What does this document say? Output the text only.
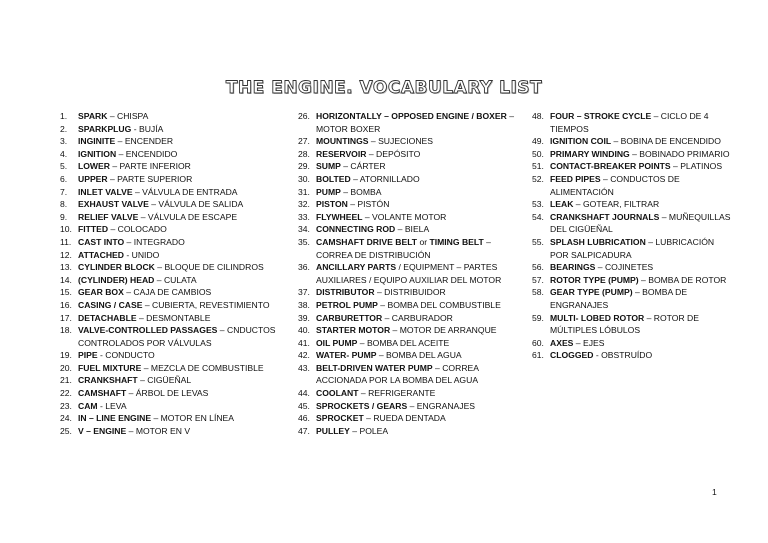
THE ENGINE. VOCABULARY LIST
1.	SPARK – CHISPA
2.	SPARKPLUG - BUJÍA
3.	INGINITE – ENCENDER
4.	IGNITION – ENCENDIDO
5.	LOWER – PARTE INFERIOR
6.	UPPER – PARTE SUPERIOR
7.	INLET VALVE – VÁLVULA DE ENTRADA
8.	EXHAUST VALVE – VÁLVULA DE SALIDA
9.	RELIEF VALVE – VÁLVULA DE ESCAPE
10. FITTED – COLOCADO
11. CAST INTO – INTEGRADO
12. ATTACHED - UNIDO
13. CYLINDER BLOCK – BLOQUE DE CILINDROS
14. (CYLINDER) HEAD – CULATA
15. GEAR BOX – CAJA DE CAMBIOS
16. CASING / CASE – CUBIERTA, REVESTIMIENTO
17. DETACHABLE – DESMONTABLE
18. VALVE-CONTROLLED PASSAGES – CNDUCTOS CONTROLADOS POR VÁLVULAS
19. PIPE - CONDUCTO
20. FUEL MIXTURE – MEZCLA DE COMBUSTIBLE
21. CRANKSHAFT – CIGÜEÑAL
22. CAMSHAFT – ÁRBOL DE LEVAS
23. CAM - LEVA
24. IN – LINE ENGINE – MOTOR EN LÍNEA
25. V – ENGINE – MOTOR EN V
26. HORIZONTALLY – OPPOSED ENGINE / BOXER – MOTOR BOXER
27. MOUNTINGS – SUJECIONES
28. RESERVOIR – DEPÓSITO
29. SUMP – CÁRTER
30. BOLTED – ATORNILLADO
31. PUMP – BOMBA
32. PISTON – PISTÓN
33. FLYWHEEL – VOLANTE MOTOR
34. CONNECTING ROD – BIELA
35. CAMSHAFT DRIVE BELT or TIMING BELT – CORREA DE DISTRIBUCIÓN
36. ANCILLARY PARTS / EQUIPMENT – PARTES AUXILIARES / EQUIPO AUXILIAR DEL MOTOR
37. DISTRIBUTOR – DISTRIBUIDOR
38. PETROL PUMP – BOMBA DEL COMBUSTIBLE
39. CARBURETTOR – CARBURADOR
40. STARTER MOTOR – MOTOR DE ARRANQUE
41. OIL PUMP – BOMBA DEL ACEITE
42. WATER- PUMP – BOMBA DEL AGUA
43. BELT-DRIVEN WATER PUMP – CORREA ACCIONADA POR LA BOMBA DEL AGUA
44. COOLANT – REFRIGERANTE
45. SPROCKETS / GEARS – ENGRANAJES
46. SPROCKET – RUEDA DENTADA
47. PULLEY – POLEA
48. FOUR – STROKE CYCLE – CICLO DE 4 TIEMPOS
49. IGNITION COIL – BOBINA DE ENCENDIDO
50. PRIMARY WINDING – BOBINADO PRIMARIO
51. CONTACT-BREAKER POINTS – PLATINOS
52. FEED PIPES – CONDUCTOS DE ALIMENTACIÓN
53. LEAK – GOTEAR, FILTRAR
54. CRANKSHAFT JOURNALS – MUÑEQUILLAS DEL CIGÜEÑAL
55. SPLASH LUBRICATION – LUBRICACIÓN POR SALPICADURA
56. BEARINGS – COJINETES
57. ROTOR TYPE (PUMP) – BOMBA DE ROTOR
58. GEAR TYPE (PUMP) – BOMBA DE ENGRANAJES
59. MULTI- LOBED ROTOR – ROTOR DE MÚLTIPLES LÓBULOS
60. AXES – EJES
61. CLOGGED - OBSTRUÍDO
1
